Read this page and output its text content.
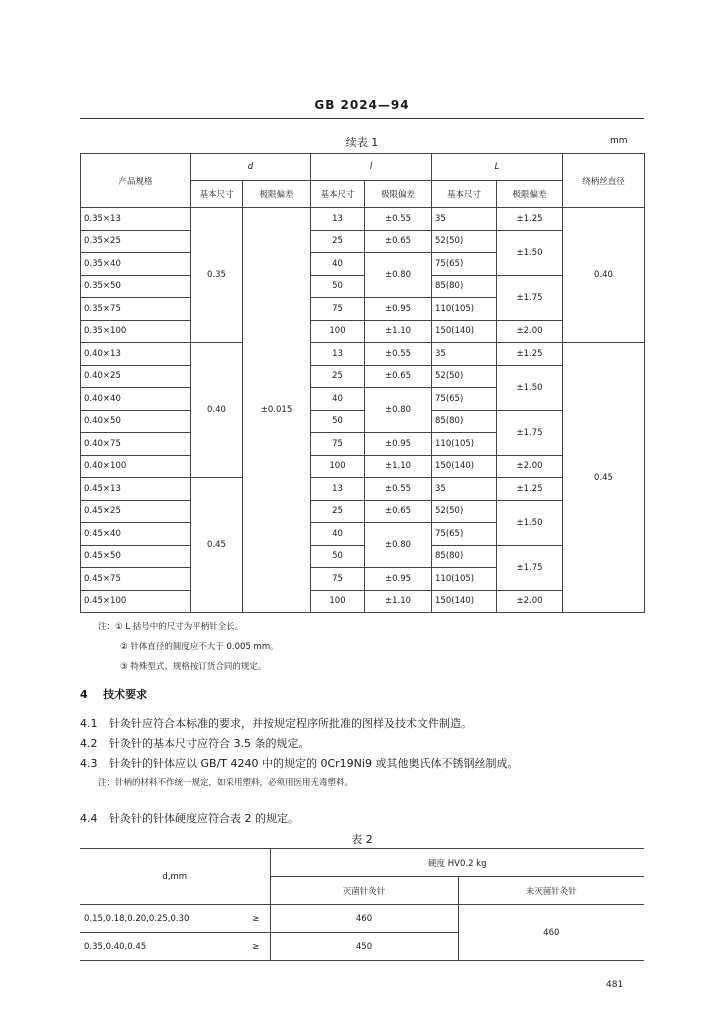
GB 2024—94
续表 1	mm
产品规格	d		l		L		绕柄丝直径
	基本尺寸	极限偏差	基本尺寸	极限偏差	基本尺寸	极限偏差	
0.35×13	0.35	±0.015	13	±0.55	35	±1.25	0.40
0.35×25			25	±0.65	52(50)	±1.50	
0.35×40			40	±0.80	75(65)		
0.35×50			50		85(80)	±1.75	
0.35×75			75	±0.95	110(105)		
0.35×100			100	±1.10	150(140)	±2.00	
0.40×13	0.40		13	±0.55	35	±1.25	0.45
0.40×25			25	±0.65	52(50)	±1.50	
0.40×40			40	±0.80	75(65)		
0.40×50			50		85(80)	±1.75	
0.40×75			75	±0.95	110(105)		
0.40×100			100	±1.10	150(140)	±2.00	
0.45×13	0.45		13	±0.55	35	±1.25	
0.45×25			25	±0.65	52(50)	±1.50	
0.45×40			40	±0.80	75(65)		
0.45×50			50		85(80)	±1.75	
0.45×75			75	±0.95	110(105)		
0.45×100			100	±1.10	150(140)	±2.00	
注：① L 括号中的尺寸为平柄针全长。
② 针体直径的圆度应不大于 0.005 mm。
③ 特殊型式、规格按订货合同的规定。
4 技术要求
4.1 针灸针应符合本标准的要求，并按规定程序所批准的图样及技术文件制造。
4.2 针灸针的基本尺寸应符合 3.5 条的规定。
4.3 针灸针的针体应以 GB/T 4240 中的规定的 0Cr19Ni9 或其他奥氏体不锈钢丝制成。
注：针柄的材料不作统一规定，如采用塑料，必须用医用无毒塑料。
4.4 针灸针的针体硬度应符合表 2 的规定。
表 2
d,mm		硬度 HV0.2 kg	
		灭菌针灸针	未灭菌针灸针
0.15,0.18,0.20,0.25,0.30	≥	460	460
0.35,0.40,0.45	≥	450	
481
